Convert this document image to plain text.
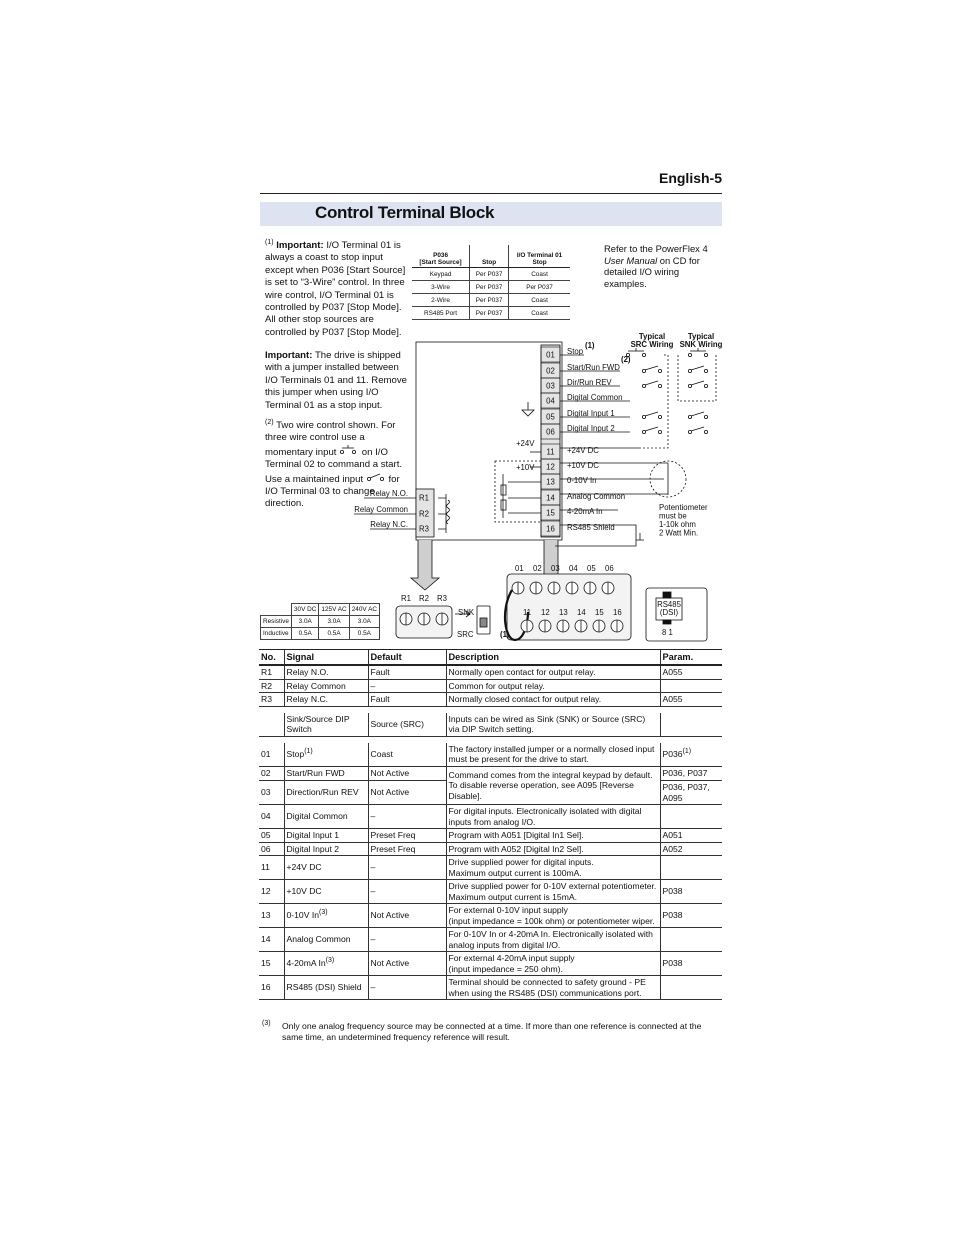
English-5
Control Terminal Block
$^{(1)}$ Important: I/O Terminal 01 is always a coast to stop input except when P036 [Start Source] is set to “3-Wire” control. In three wire control, I/O Terminal 01 is controlled by P037 [Stop Mode]. All other stop sources are controlled by P037 [Stop Mode].
Important: The drive is shipped with a jumper installed between I/O Terminals 01 and 11. Remove this jumper when using I/O Terminal 01 as a stop input.
$^{(2)}$ Two wire control shown. For three wire control use a momentary input	on I/O Terminal 02 to command a start. Use a maintained input	for I/O Terminal 03 to change direction.
Refer to the PowerFlex 4
User Manual on CD for detailed I/O wiring examples.
P036
[Start Source]	Stop	I/O Terminal 01
Stop
Keypad	Per P037	Coast
3-Wire	Per P037	Per P037
2-Wire	Per P037	Coast
RS485 Port	Per P037	Coast
	30V DC	125V AC	240V AC
Resistive	3.0A	3.0A	3.0A
Inductive	0.5A	0.5A	0.5A
01 Stop
02 Start/Run FWD
03 Dir/Run REV
04 Digital Common
05 Digital Input 1
06 Digital Input 2
11 +24V DC
12 +10V DC
13 0-10V In
14 Analog Common
15 4-20mA In
16 RS485 Shield
(1)
(2)
R1
R2
R3
Relay N.O.
Relay Common
Relay N.C.
Typical
SRC Wiring
Typical
SNK Wiring
+24V
+10V
Potentiometer
must be
1-10k ohm
2 Watt Min.
01 02 03 04 05 06
11 12 13 14 15 16
R1 R2 R3
SNK
SRC	(1)
RS485
(DSI)
8 1
No.	Signal	Default	Description	Param.
R1	Relay N.O.	Fault	Normally open contact for output relay.	A055
R2	Relay Common	–	Common for output relay.	
R3	Relay N.C.	Fault	Normally closed contact for output relay.	A055

	Sink/Source DIP Switch	Source (SRC)	Inputs can be wired as Sink (SNK) or Source (SRC) via DIP Switch setting.	

01	Stop$^{(1)}$	Coast	The factory installed jumper or a normally closed input must be present for the drive to start.	P036$^{(1)}$
02	Start/Run FWD	Not Active	Command comes from the integral keypad by default. To disable reverse operation, see A095 [Reverse Disable].	P036, P037
03	Direction/Run REV	Not Active		P036, P037, A095
04	Digital Common	–	For digital inputs. Electronically isolated with digital inputs from analog I/O.	
05	Digital Input 1	Preset Freq	Program with A051 [Digital In1 Sel].	A051
06	Digital Input 2	Preset Freq	Program with A052 [Digital In2 Sel].	A052
11	+24V DC	–	Drive supplied power for digital inputs.
Maximum output current is 100mA.	
12	+10V DC	–	Drive supplied power for 0-10V external potentiometer.
Maximum output current is 15mA.	P038
13	0-10V In$^{(3)}$	Not Active	For external 0-10V input supply
(input impedance = 100k ohm) or potentiometer wiper.	P038
14	Analog Common	–	For 0-10V In or 4-20mA In. Electronically isolated with analog inputs from digital I/O.	
15	4-20mA In$^{(3)}$	Not Active	For external 4-20mA input supply
(input impedance = 250 ohm).	P038
16	RS485 (DSI) Shield	–	Terminal should be connected to safety ground - PE when using the RS485 (DSI) communications port.	
(3) Only one analog frequency source may be connected at a time. If more than one reference is connected at the same time, an undetermined frequency reference will result.
